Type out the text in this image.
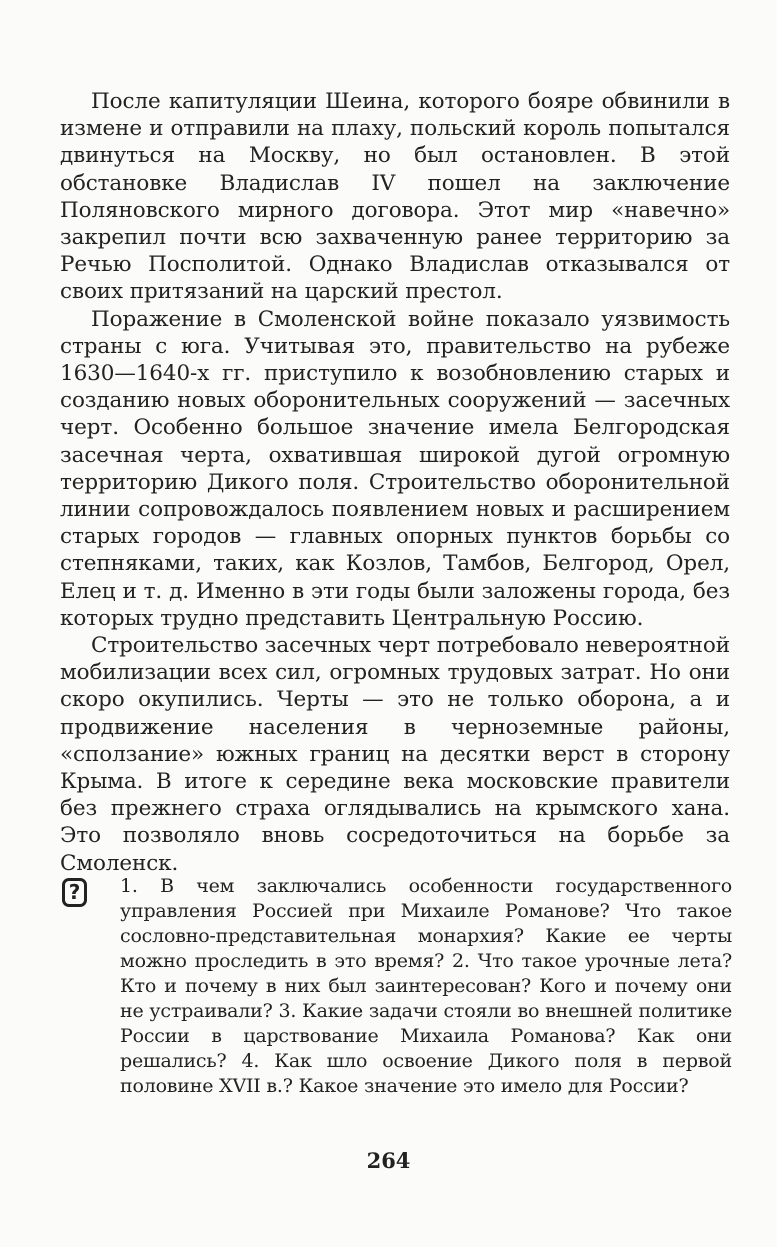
После капитуляции Шеина, которого бояре обвинили в измене и отправили на плаху, польский король попытался двинуться на Москву, но был остановлен. В этой обстановке Владислав IV пошел на заключение Поляновского мирного договора. Этот мир «навечно» закрепил почти всю захваченную ранее территорию за Речью Посполитой. Однако Владислав отказывался от своих притязаний на царский престол.

Поражение в Смоленской войне показало уязвимость страны с юга. Учитывая это, правительство на рубеже 1630—1640-х гг. приступило к возобновлению старых и созданию новых оборонительных сооружений — засечных черт. Особенно большое значение имела Белгородская засечная черта, охватившая широкой дугой огромную территорию Дикого поля. Строительство оборонительной линии сопровождалось появлением новых и расширением старых городов — главных опорных пунктов борьбы со степняками, таких, как Козлов, Тамбов, Белгород, Орел, Елец и т. д. Именно в эти годы были заложены города, без которых трудно представить Центральную Россию.

Строительство засечных черт потребовало невероятной мобилизации всех сил, огромных трудовых затрат. Но они скоро окупились. Черты — это не только оборона, а и продвижение населения в черноземные районы, «сползание» южных границ на десятки верст в сторону Крыма. В итоге к середине века московские правители без прежнего страха оглядывались на крымского хана. Это позволяло вновь сосредоточиться на борьбе за Смоленск.

?	1. В чем заключались особенности государственного управления Россией при Михаиле Романове? Что такое сословно-представительная монархия? Какие ее черты можно проследить в это время? 2. Что такое урочные лета? Кто и почему в них был заинтересован? Кого и почему они не устраивали? 3. Какие задачи стояли во внешней политике России в царствование Михаила Романова? Как они решались? 4. Как шло освоение Дикого поля в первой половине XVII в.? Какое значение это имело для России?

264
